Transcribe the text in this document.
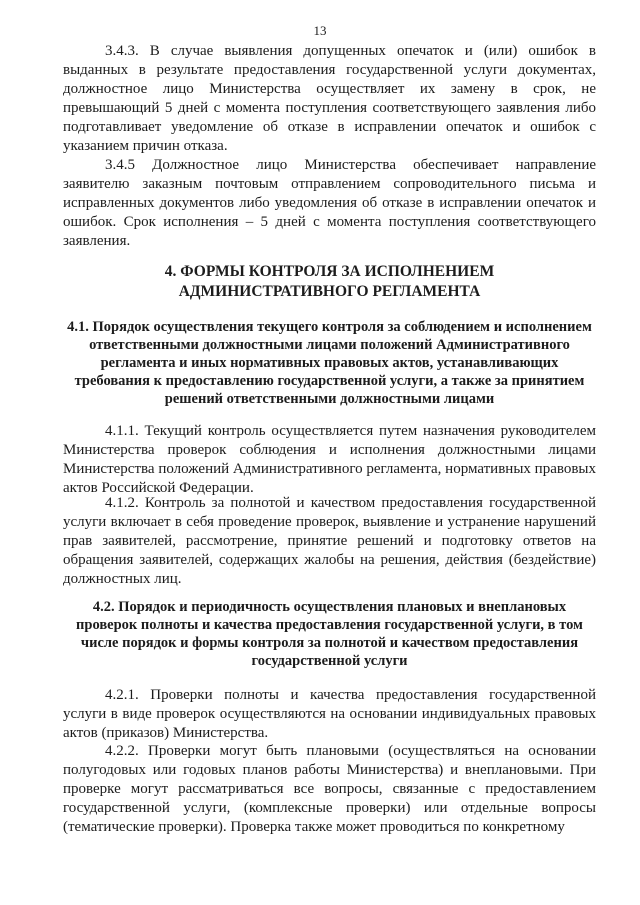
13

3.4.3. В случае выявления допущенных опечаток и (или) ошибок в выданных в результате предоставления государственной услуги документах, должностное лицо Министерства осуществляет их замену в срок, не превышающий 5 дней с момента поступления соответствующего заявления либо подготавливает уведомление об отказе в исправлении опечаток и ошибок с указанием причин отказа.

3.4.5 Должностное лицо Министерства обеспечивает направление заявителю заказным почтовым отправлением сопроводительного письма и исправленных документов либо уведомления об отказе в исправлении опечаток и ошибок. Срок исполнения – 5 дней с момента поступления соответствующего заявления.

4. ФОРМЫ КОНТРОЛЯ ЗА ИСПОЛНЕНИЕМ

АДМИНИСТРАТИВНОГО РЕГЛАМЕНТА

4.1. Порядок осуществления текущего контроля за соблюдением и исполнением ответственными должностными лицами положений Административного регламента и иных нормативных правовых актов, устанавливающих требования к предоставлению государственной услуги, а также за принятием решений ответственными должностными лицами

4.1.1. Текущий контроль осуществляется путем назначения руководителем Министерства проверок соблюдения и исполнения должностными лицами Министерства положений Административного регламента, нормативных правовых актов Российской Федерации.

4.1.2. Контроль за полнотой и качеством предоставления государственной услуги включает в себя проведение проверок, выявление и устранение нарушений прав заявителей, рассмотрение, принятие решений и подготовку ответов на обращения заявителей, содержащих жалобы на решения, действия (бездействие) должностных лиц.

4.2. Порядок и периодичность осуществления плановых и внеплановых проверок полноты и качества предоставления государственной услуги, в том числе порядок и формы контроля за полнотой и качеством предоставления государственной услуги

4.2.1. Проверки полноты и качества предоставления государственной услуги в виде проверок осуществляются на основании индивидуальных правовых актов (приказов) Министерства.

4.2.2. Проверки могут быть плановыми (осуществляться на основании полугодовых или годовых планов работы Министерства) и внеплановыми. При проверке могут рассматриваться все вопросы, связанные с предоставлением государственной услуги, (комплексные проверки) или отдельные вопросы (тематические проверки). Проверка также может проводиться по конкретному
